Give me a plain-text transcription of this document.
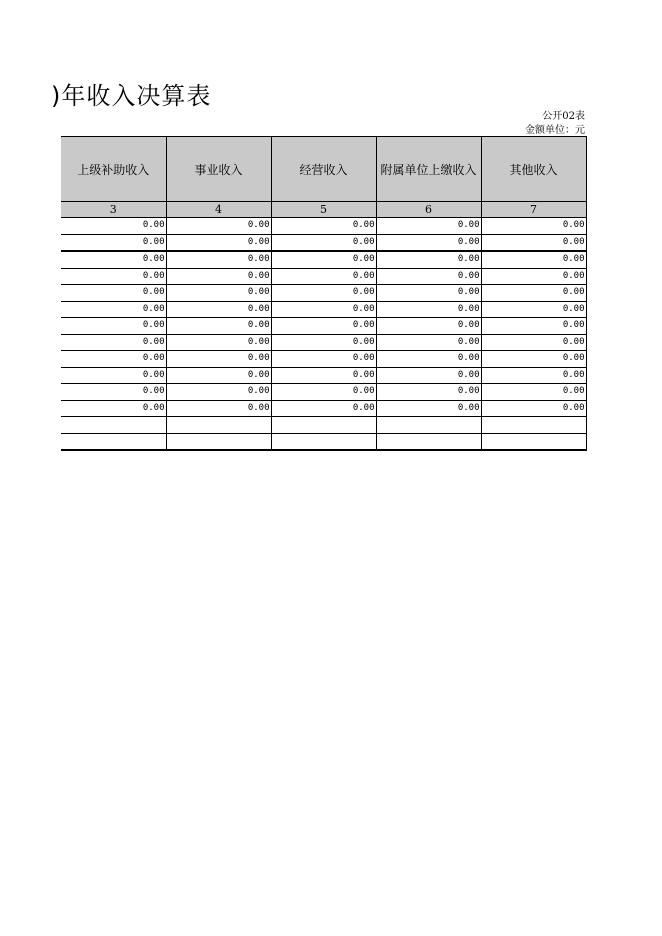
)年收入决算表
公开02表
金额单位：元
上级补助收入	事业收入	经营收入	附属单位上缴收入	其他收入
3	4	5	6	7
0.00	0.00	0.00	0.00	0.00
0.00	0.00	0.00	0.00	0.00
0.00	0.00	0.00	0.00	0.00
0.00	0.00	0.00	0.00	0.00
0.00	0.00	0.00	0.00	0.00
0.00	0.00	0.00	0.00	0.00
0.00	0.00	0.00	0.00	0.00
0.00	0.00	0.00	0.00	0.00
0.00	0.00	0.00	0.00	0.00
0.00	0.00	0.00	0.00	0.00
0.00	0.00	0.00	0.00	0.00
0.00	0.00	0.00	0.00	0.00
